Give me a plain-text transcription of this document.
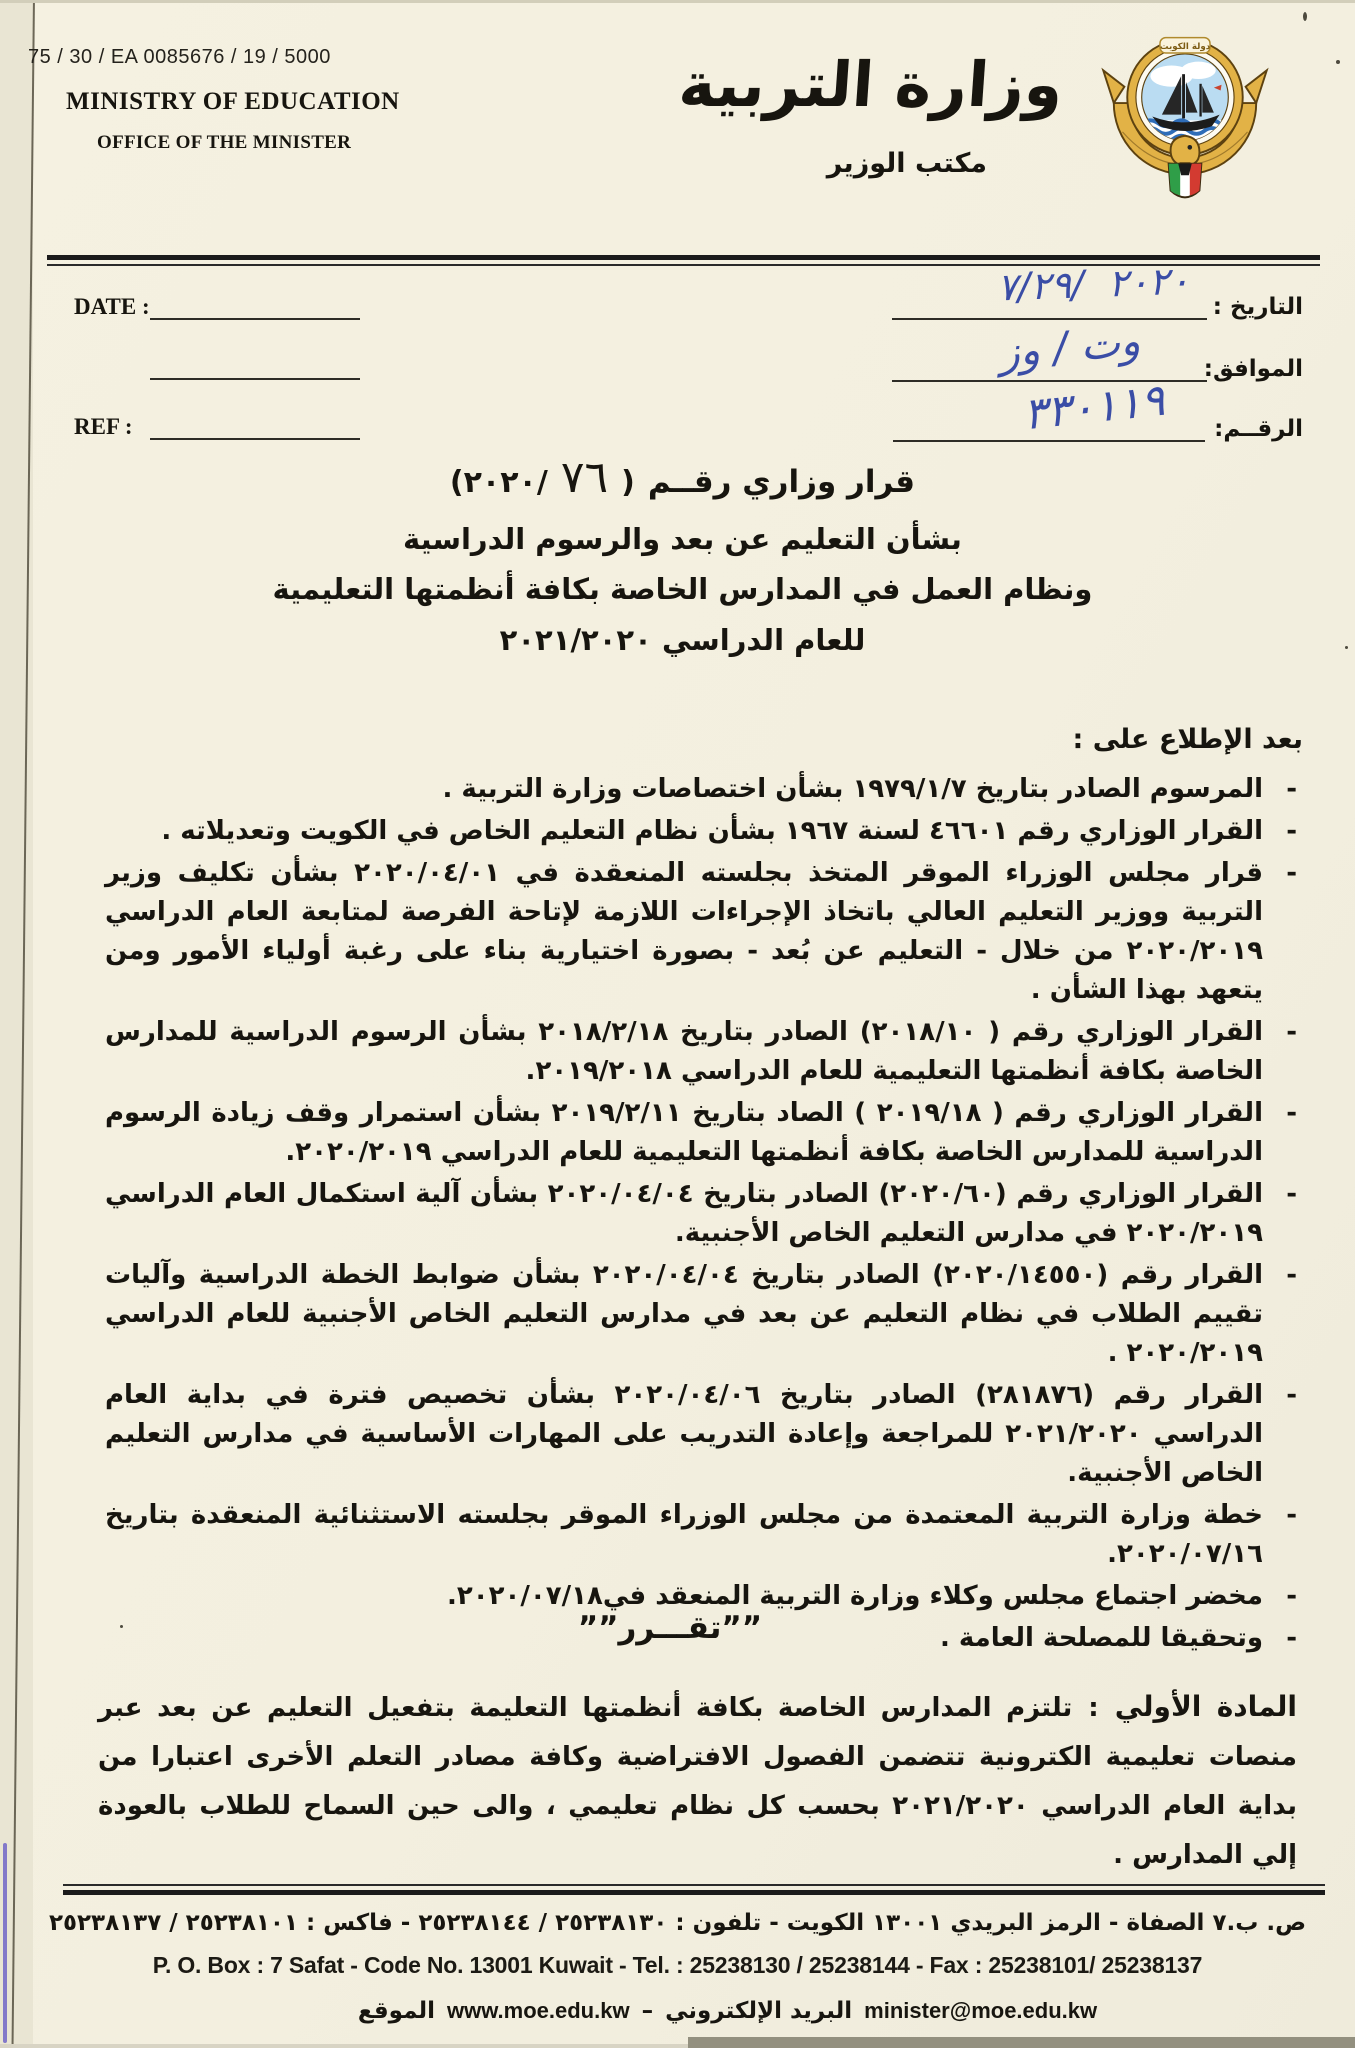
75 / 30 / EA 0085676 / 19 / 5000
MINISTRY OF EDUCATION
OFFICE OF THE MINISTER
وزارة التربية
مكتب الوزير
دولة الكويت
DATE :
REF :
التاريخ :
الموافق:
الرقــم:
٢٠٢٠ /٧/٢٩
وت / وز
٣٣٠١١٩
(٢٠٢٠/ ٧٦ ) قرار وزاري رقــم
بشأن التعليم عن بعد والرسوم الدراسية
ونظام العمل في المدارس الخاصة بكافة أنظمتها التعليمية
للعام الدراسي ٢٠٢١/٢٠٢٠
بعد الإطلاع على :
-
المرسوم الصادر بتاريخ ١٩٧٩/١/٧ بشأن اختصاصات وزارة التربية .
-
القرار الوزاري رقم ٤٦٦٠١ لسنة ١٩٦٧ بشأن نظام التعليم الخاص في الكويت وتعديلاته .
-
قرار مجلس الوزراء الموقر المتخذ بجلسته المنعقدة في ٢٠٢٠/٠٤/٠١ بشأن تكليف وزير التربية ووزير التعليم العالي باتخاذ الإجراءات اللازمة لإتاحة الفرصة لمتابعة العام الدراسي ٢٠٢٠/٢٠١٩ من خلال - التعليم عن بُعد - بصورة اختيارية بناء على رغبة أولياء الأمور ومن يتعهد بهذا الشأن .
-
القرار الوزاري رقم ( ٢٠١٨/١٠) الصادر بتاريخ ٢٠١٨/٢/١٨ بشأن الرسوم الدراسية للمدارس الخاصة بكافة أنظمتها التعليمية للعام الدراسي ٢٠١٩/٢٠١٨.
-
القرار الوزاري رقم ( ٢٠١٩/١٨ ) الصاد بتاريخ ٢٠١٩/٢/١١ بشأن استمرار وقف زيادة الرسوم الدراسية للمدارس الخاصة بكافة أنظمتها التعليمية للعام الدراسي ٢٠٢٠/٢٠١٩.
-
القرار الوزاري رقم (٢٠٢٠/٦٠) الصادر بتاريخ ٢٠٢٠/٠٤/٠٤ بشأن آلية استكمال العام الدراسي ٢٠٢٠/٢٠١٩ في مدارس التعليم الخاص الأجنبية.
-
القرار رقم (٢٠٢٠/١٤٥٥٠) الصادر بتاريخ ٢٠٢٠/٠٤/٠٤ بشأن ضوابط الخطة الدراسية وآليات تقييم الطلاب في نظام التعليم عن بعد في مدارس التعليم الخاص الأجنبية للعام الدراسي ٢٠٢٠/٢٠١٩ .
-
القرار رقم (٢٨١٨٧٦) الصادر بتاريخ ٢٠٢٠/٠٤/٠٦ بشأن تخصيص فترة في بداية العام الدراسي ٢٠٢١/٢٠٢٠ للمراجعة وإعادة التدريب على المهارات الأساسية في مدارس التعليم الخاص الأجنبية.
-
خطة وزارة التربية المعتمدة من مجلس الوزراء الموقر بجلسته الاستثنائية المنعقدة بتاريخ ٢٠٢٠/٠٧/١٦.
-
مخضر اجتماع مجلس وكلاء وزارة التربية المنعقد في٢٠٢٠/٠٧/١٨.
-
وتحقيقا للمصلحة العامة .
””تقـــرر””
المادة الأولي:تلتزم المدارس الخاصة بكافة أنظمتها التعليمة بتفعيل التعليم عن بعد عبر منصات تعليمية الكترونية تتضمن الفصول الافتراضية وكافة مصادر التعلم الأخرى اعتبارا من بداية العام الدراسي ٢٠٢١/٢٠٢٠ بحسب كل نظام تعليمي ، والى حين السماح للطلاب بالعودة إلي المدارس .
ص. ب.٧ الصفاة - الرمز البريدي ١٣٠٠١ الكويت - تلفون : ٢٥٢٣٨١٣٠ / ٢٥٢٣٨١٤٤ - فاكس : ٢٥٢٣٨١٠١ / ٢٥٢٣٨١٣٧
P. O. Box : 7 Safat - Code No. 13001 Kuwait - Tel. : 25238130 / 25238144 - Fax : 25238101/ 25238137
الموقع www.moe.edu.kw – البريد الإلكتروني minister@moe.edu.kw
